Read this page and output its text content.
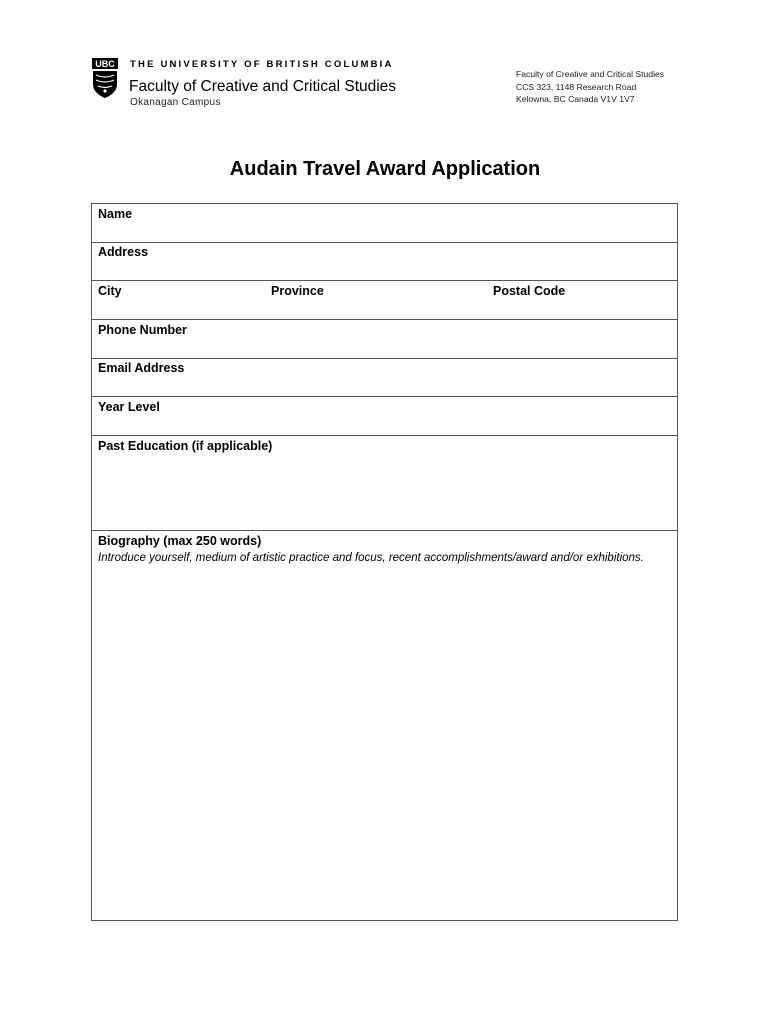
UBC THE UNIVERSITY OF BRITISH COLUMBIA
Faculty of Creative and Critical Studies
Okanagan Campus
Faculty of Creative and Critical Studies
CCS 323, 1148 Research Road
Kelowna, BC Canada V1V 1V7
Audain Travel Award Application
Name
Address
City	Province	Postal Code
Phone Number
Email Address
Year Level
Past Education (if applicable)
Biography (max 250 words)
Introduce yourself, medium of artistic practice and focus, recent accomplishments/award and/or exhibitions.
